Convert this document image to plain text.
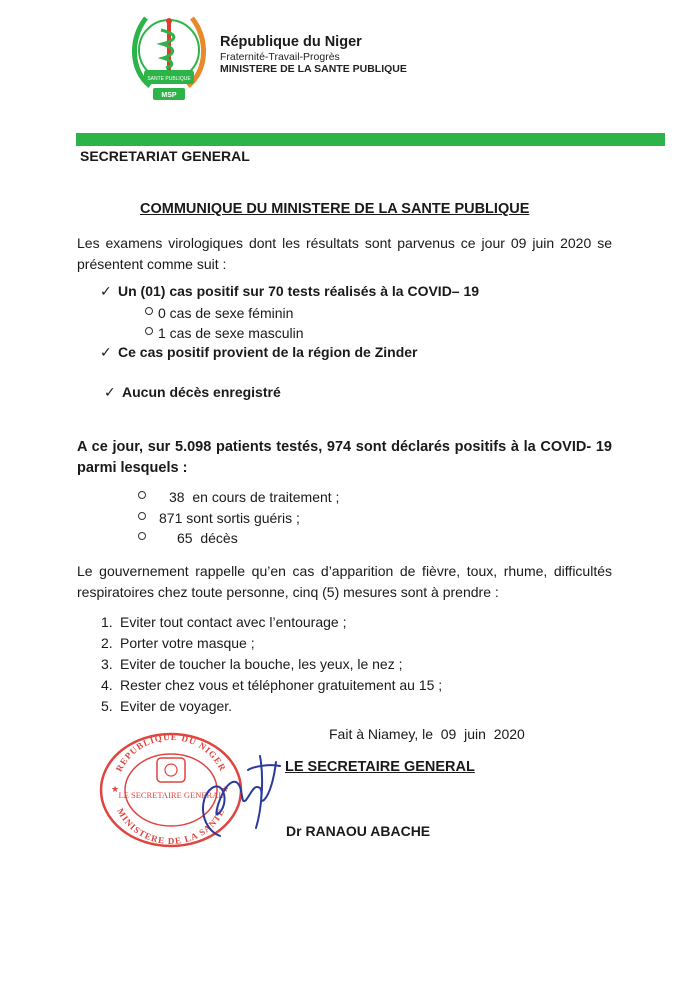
SANTE PUBLIQUE
MSP
République du Niger
Fraternité-Travail-Progrès
MINISTERE DE LA SANTE PUBLIQUE
SECRETARIAT GENERAL
COMMUNIQUE DU MINISTERE DE LA SANTE PUBLIQUE
Les examens virologiques dont les résultats sont parvenus ce jour 09 juin 2020 se présentent comme suit :
✓ Un (01) cas positif sur 70 tests réalisés à la COVID– 19
0 cas de sexe féminin
1 cas de sexe masculin
✓ Ce cas positif provient de la région de Zinder
✓ Aucun décès enregistré
A ce jour, sur 5.098 patients testés, 974 sont déclarés positifs à la COVID- 19 parmi lesquels :
38 en cours de traitement ;
871 sont sortis guéris ;
65 décès
Le gouvernement rappelle qu’en cas d’apparition de fièvre, toux, rhume, difficultés respiratoires chez toute personne, cinq (5) mesures sont à prendre :
1. Eviter tout contact avec l’entourage ;
2. Porter votre masque ;
3. Eviter de toucher la bouche, les yeux, le nez ;
4. Rester chez vous et téléphoner gratuitement au 15 ;
5. Eviter de voyager.
Fait à Niamey, le  09  juin  2020
REPUBLIQUE DU NIGER
MINISTERE DE LA SANTE
LE SECRETAIRE GENERAL
★	★
LE SECRETAIRE GENERAL
Dr RANAOU ABACHE
